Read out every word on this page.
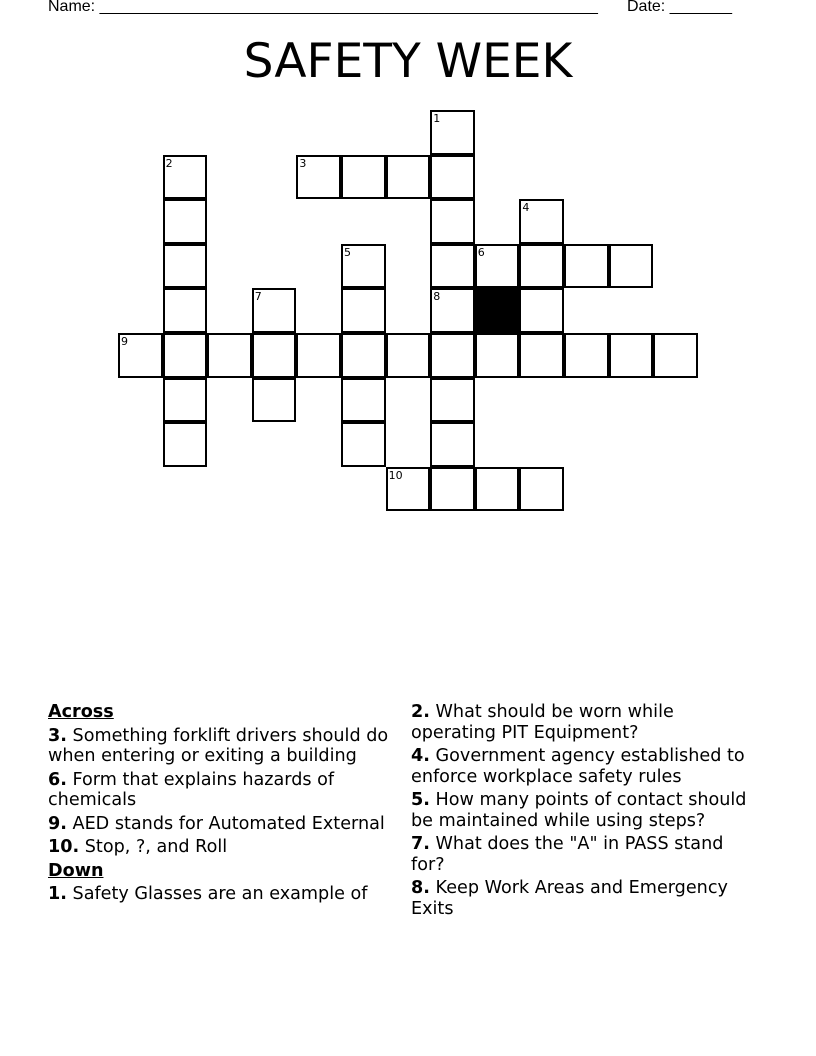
Name: ________________________________________________________ Date: _______
SAFETY WEEK
1
2	3
4
5	6
7	8
9
10
Across
3. Something forklift drivers should do when entering or exiting a building
6. Form that explains hazards of chemicals
9. AED stands for Automated External
10. Stop, ?, and Roll
Down
1. Safety Glasses are an example of
2. What should be worn while operating PIT Equipment?
4. Government agency established to enforce workplace safety rules
5. How many points of contact should be maintained while using steps?
7. What does the "A" in PASS stand for?
8. Keep Work Areas and Emergency Exits
